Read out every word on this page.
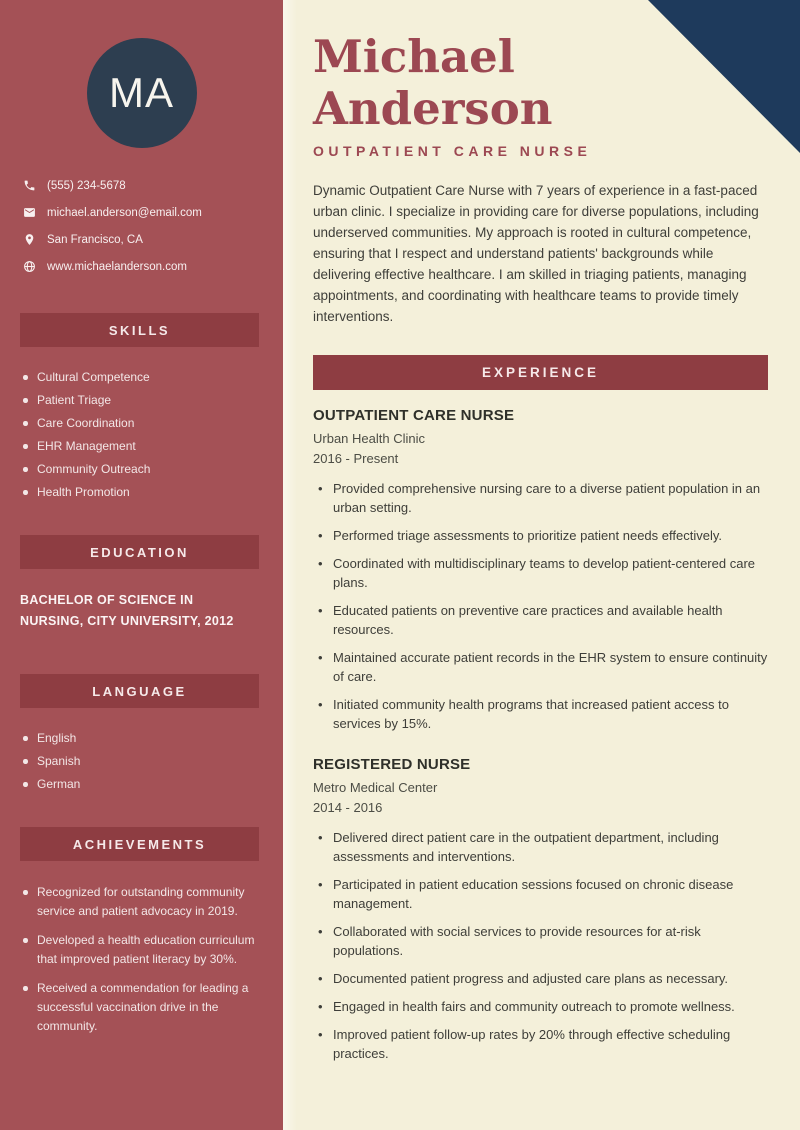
MA
(555) 234-5678
michael.anderson@email.com
San Francisco, CA
www.michaelanderson.com
SKILLS
Cultural Competence
Patient Triage
Care Coordination
EHR Management
Community Outreach
Health Promotion
EDUCATION
BACHELOR OF SCIENCE IN NURSING, CITY UNIVERSITY, 2012
LANGUAGE
English
Spanish
German
ACHIEVEMENTS
Recognized for outstanding community service and patient advocacy in 2019.
Developed a health education curriculum that improved patient literacy by 30%.
Received a commendation for leading a successful vaccination drive in the community.
Michael Anderson
OUTPATIENT CARE NURSE

Dynamic Outpatient Care Nurse with 7 years of experience in a fast-paced urban clinic. I specialize in providing care for diverse populations, including underserved communities. My approach is rooted in cultural competence, ensuring that I respect and understand patients' backgrounds while delivering effective healthcare. I am skilled in triaging patients, managing appointments, and coordinating with healthcare teams to provide timely interventions.

EXPERIENCE
OUTPATIENT CARE NURSE
Urban Health Clinic
2016 - Present
• Provided comprehensive nursing care to a diverse patient population in an urban setting.
• Performed triage assessments to prioritize patient needs effectively.
• Coordinated with multidisciplinary teams to develop patient-centered care plans.
• Educated patients on preventive care practices and available health resources.
• Maintained accurate patient records in the EHR system to ensure continuity of care.
• Initiated community health programs that increased patient access to services by 15%.
REGISTERED NURSE
Metro Medical Center
2014 - 2016
• Delivered direct patient care in the outpatient department, including assessments and interventions.
• Participated in patient education sessions focused on chronic disease management.
• Collaborated with social services to provide resources for at-risk populations.
• Documented patient progress and adjusted care plans as necessary.
• Engaged in health fairs and community outreach to promote wellness.
• Improved patient follow-up rates by 20% through effective scheduling practices.
